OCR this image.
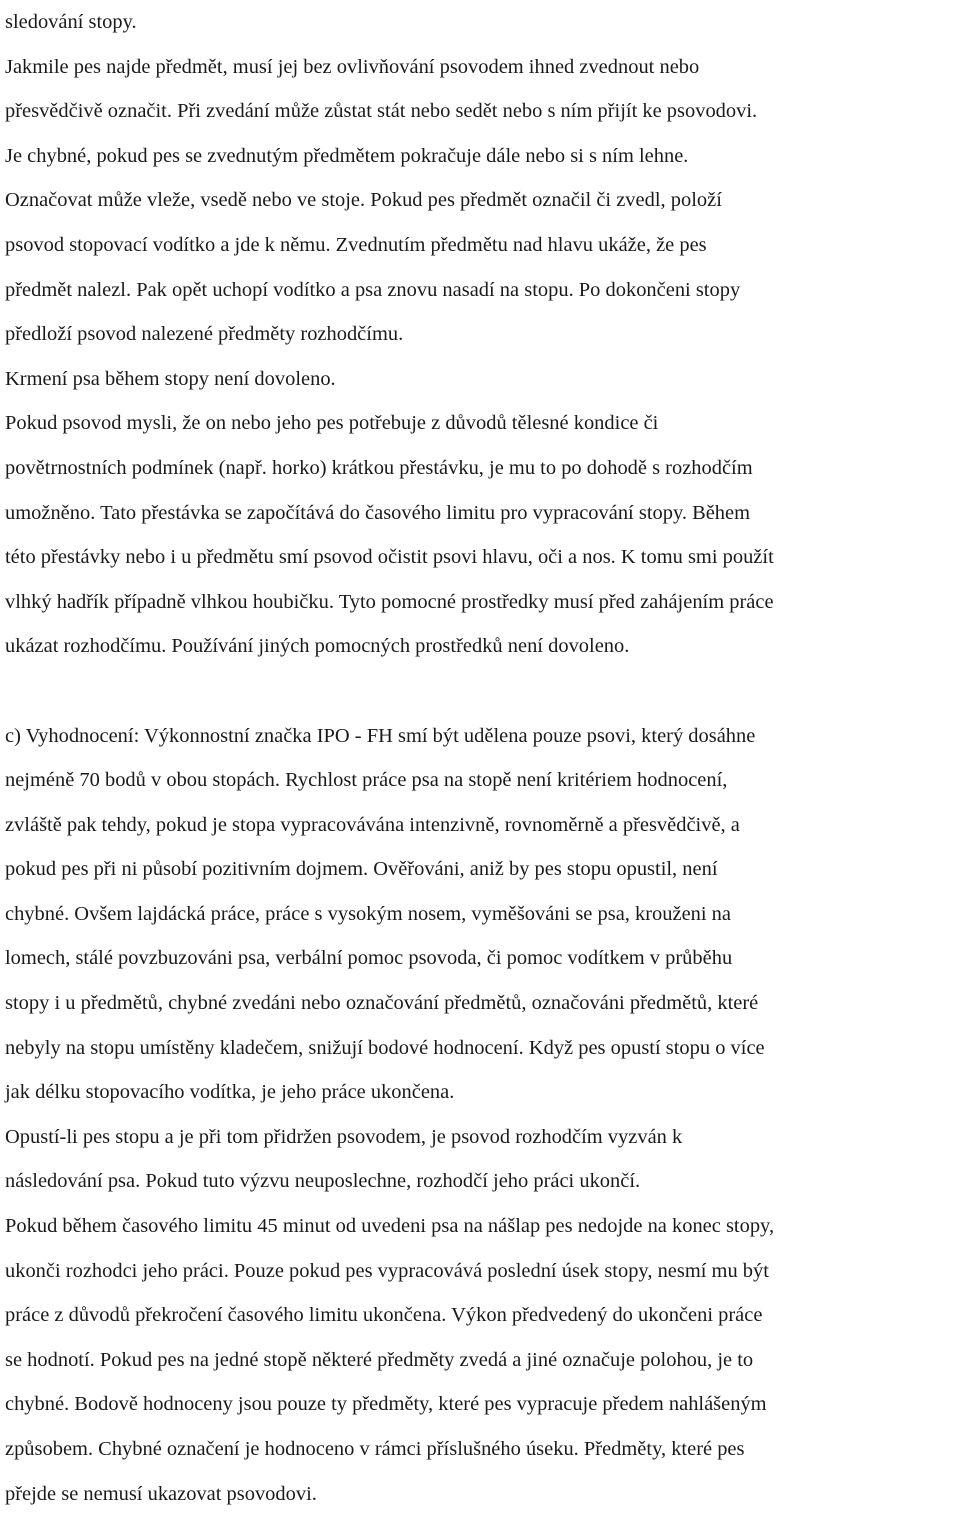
sledování stopy.

Jakmile pes najde předmět, musí jej bez ovlivňování psovodem ihned zvednout nebo
přesvědčivě označit. Při zvedání může zůstat stát nebo sedět nebo s ním přijít ke psovodovi.
Je chybné, pokud pes se zvednutým předmětem pokračuje dále nebo si s ním lehne.
Označovat může vleže, vsedě nebo ve stoje. Pokud pes předmět označil či zvedl, položí
psovod stopovací vodítko a jde k němu. Zvednutím předmětu nad hlavu ukáže, že pes
předmět nalezl. Pak opět uchopí vodítko a psa znovu nasadí na stopu. Po dokončeni stopy
předloží psovod nalezené předměty rozhodčímu.

Krmení psa během stopy není dovoleno.

Pokud psovod mysli, že on nebo jeho pes potřebuje z důvodů tělesné kondice či
povětrnostních podmínek (např. horko) krátkou přestávku, je mu to po dohodě s rozhodčím
umožněno. Tato přestávka se započítává do časového limitu pro vypracování stopy. Během
této přestávky nebo i u předmětu smí psovod očistit psovi hlavu, oči a nos. K tomu smi použít
vlhký hadřík případně vlhkou houbičku. Tyto pomocné prostředky musí před zahájením práce
ukázat rozhodčímu. Používání jiných pomocných prostředků není dovoleno.

c) Vyhodnocení: Výkonnostní značka IPO - FH smí být udělena pouze psovi, který dosáhne
nejméně 70 bodů v obou stopách. Rychlost práce psa na stopě není kritériem hodnocení,
zvláště pak tehdy, pokud je stopa vypracovávána intenzivně, rovnoměrně a přesvědčivě, a
pokud pes při ni působí pozitivním dojmem. Ověřováni, aniž by pes stopu opustil, není
chybné. Ovšem lajdácká práce, práce s vysokým nosem, vyměšováni se psa, krouženi na
lomech, stálé povzbuzováni psa, verbální pomoc psovoda, či pomoc vodítkem v průběhu
stopy i u předmětů, chybné zvedáni nebo označování předmětů, označováni předmětů, které
nebyly na stopu umístěny kladečem, snižují bodové hodnocení. Když pes opustí stopu o více
jak délku stopovacího vodítka, je jeho práce ukončena.

Opustí-li pes stopu a je při tom přidržen psovodem, je psovod rozhodčím vyzván k
následování psa. Pokud tuto výzvu neuposlechne, rozhodčí jeho práci ukončí.

Pokud během časového limitu 45 minut od uvedeni psa na nášlap pes nedojde na konec stopy,
ukonči rozhodci jeho práci. Pouze pokud pes vypracovává poslední úsek stopy, nesmí mu být
práce z důvodů překročení časového limitu ukončena. Výkon předvedený do ukončeni práce
se hodnotí. Pokud pes na jedné stopě některé předměty zvedá a jiné označuje polohou, je to
chybné. Bodově hodnoceny jsou pouze ty předměty, které pes vypracuje předem nahlášeným
způsobem. Chybné označení je hodnoceno v rámci příslušného úseku. Předměty, které pes
přejde se nemusí ukazovat psovodovi.
